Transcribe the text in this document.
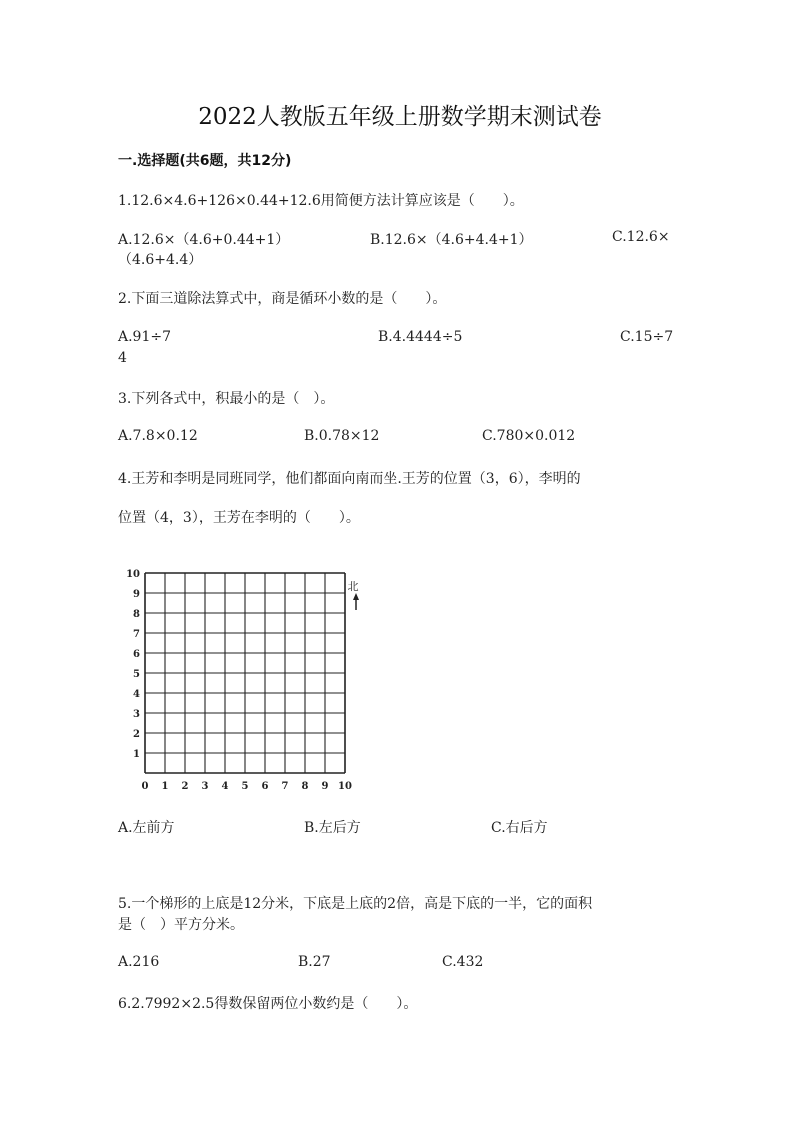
2022人教版五年级上册数学期末测试卷
一.选择题(共6题，共12分)
1.12.6×4.6+126×0.44+12.6用简便方法计算应该是（　　）。
A.12.6×（4.6+0.44+1）	B.12.6×（4.6+4.4+1）	C.12.6×
（4.6+4.4）
2.下面三道除法算式中，商是循环小数的是（　　）。
A.91÷7	B.4.4444÷5	C.15÷7
4
3.下列各式中，积最小的是（　）。
A.7.8×0.12	B.0.78×12	C.780×0.012
4.王芳和李明是同班同学，他们都面向南而坐.王芳的位置（3，6），李明的
位置（4，3），王芳在李明的（　　）。
10
9
8
7
6
5
4
3
2
1
0 1 2 3 4 5 6 7 8 9 10
北
A.左前方	B.左后方	C.右后方
5.一个梯形的上底是12分米，下底是上底的2倍，高是下底的一半，它的面积
是（　）平方分米。
A.216	B.27	C.432
6.2.7992×2.5得数保留两位小数约是（　　）。
